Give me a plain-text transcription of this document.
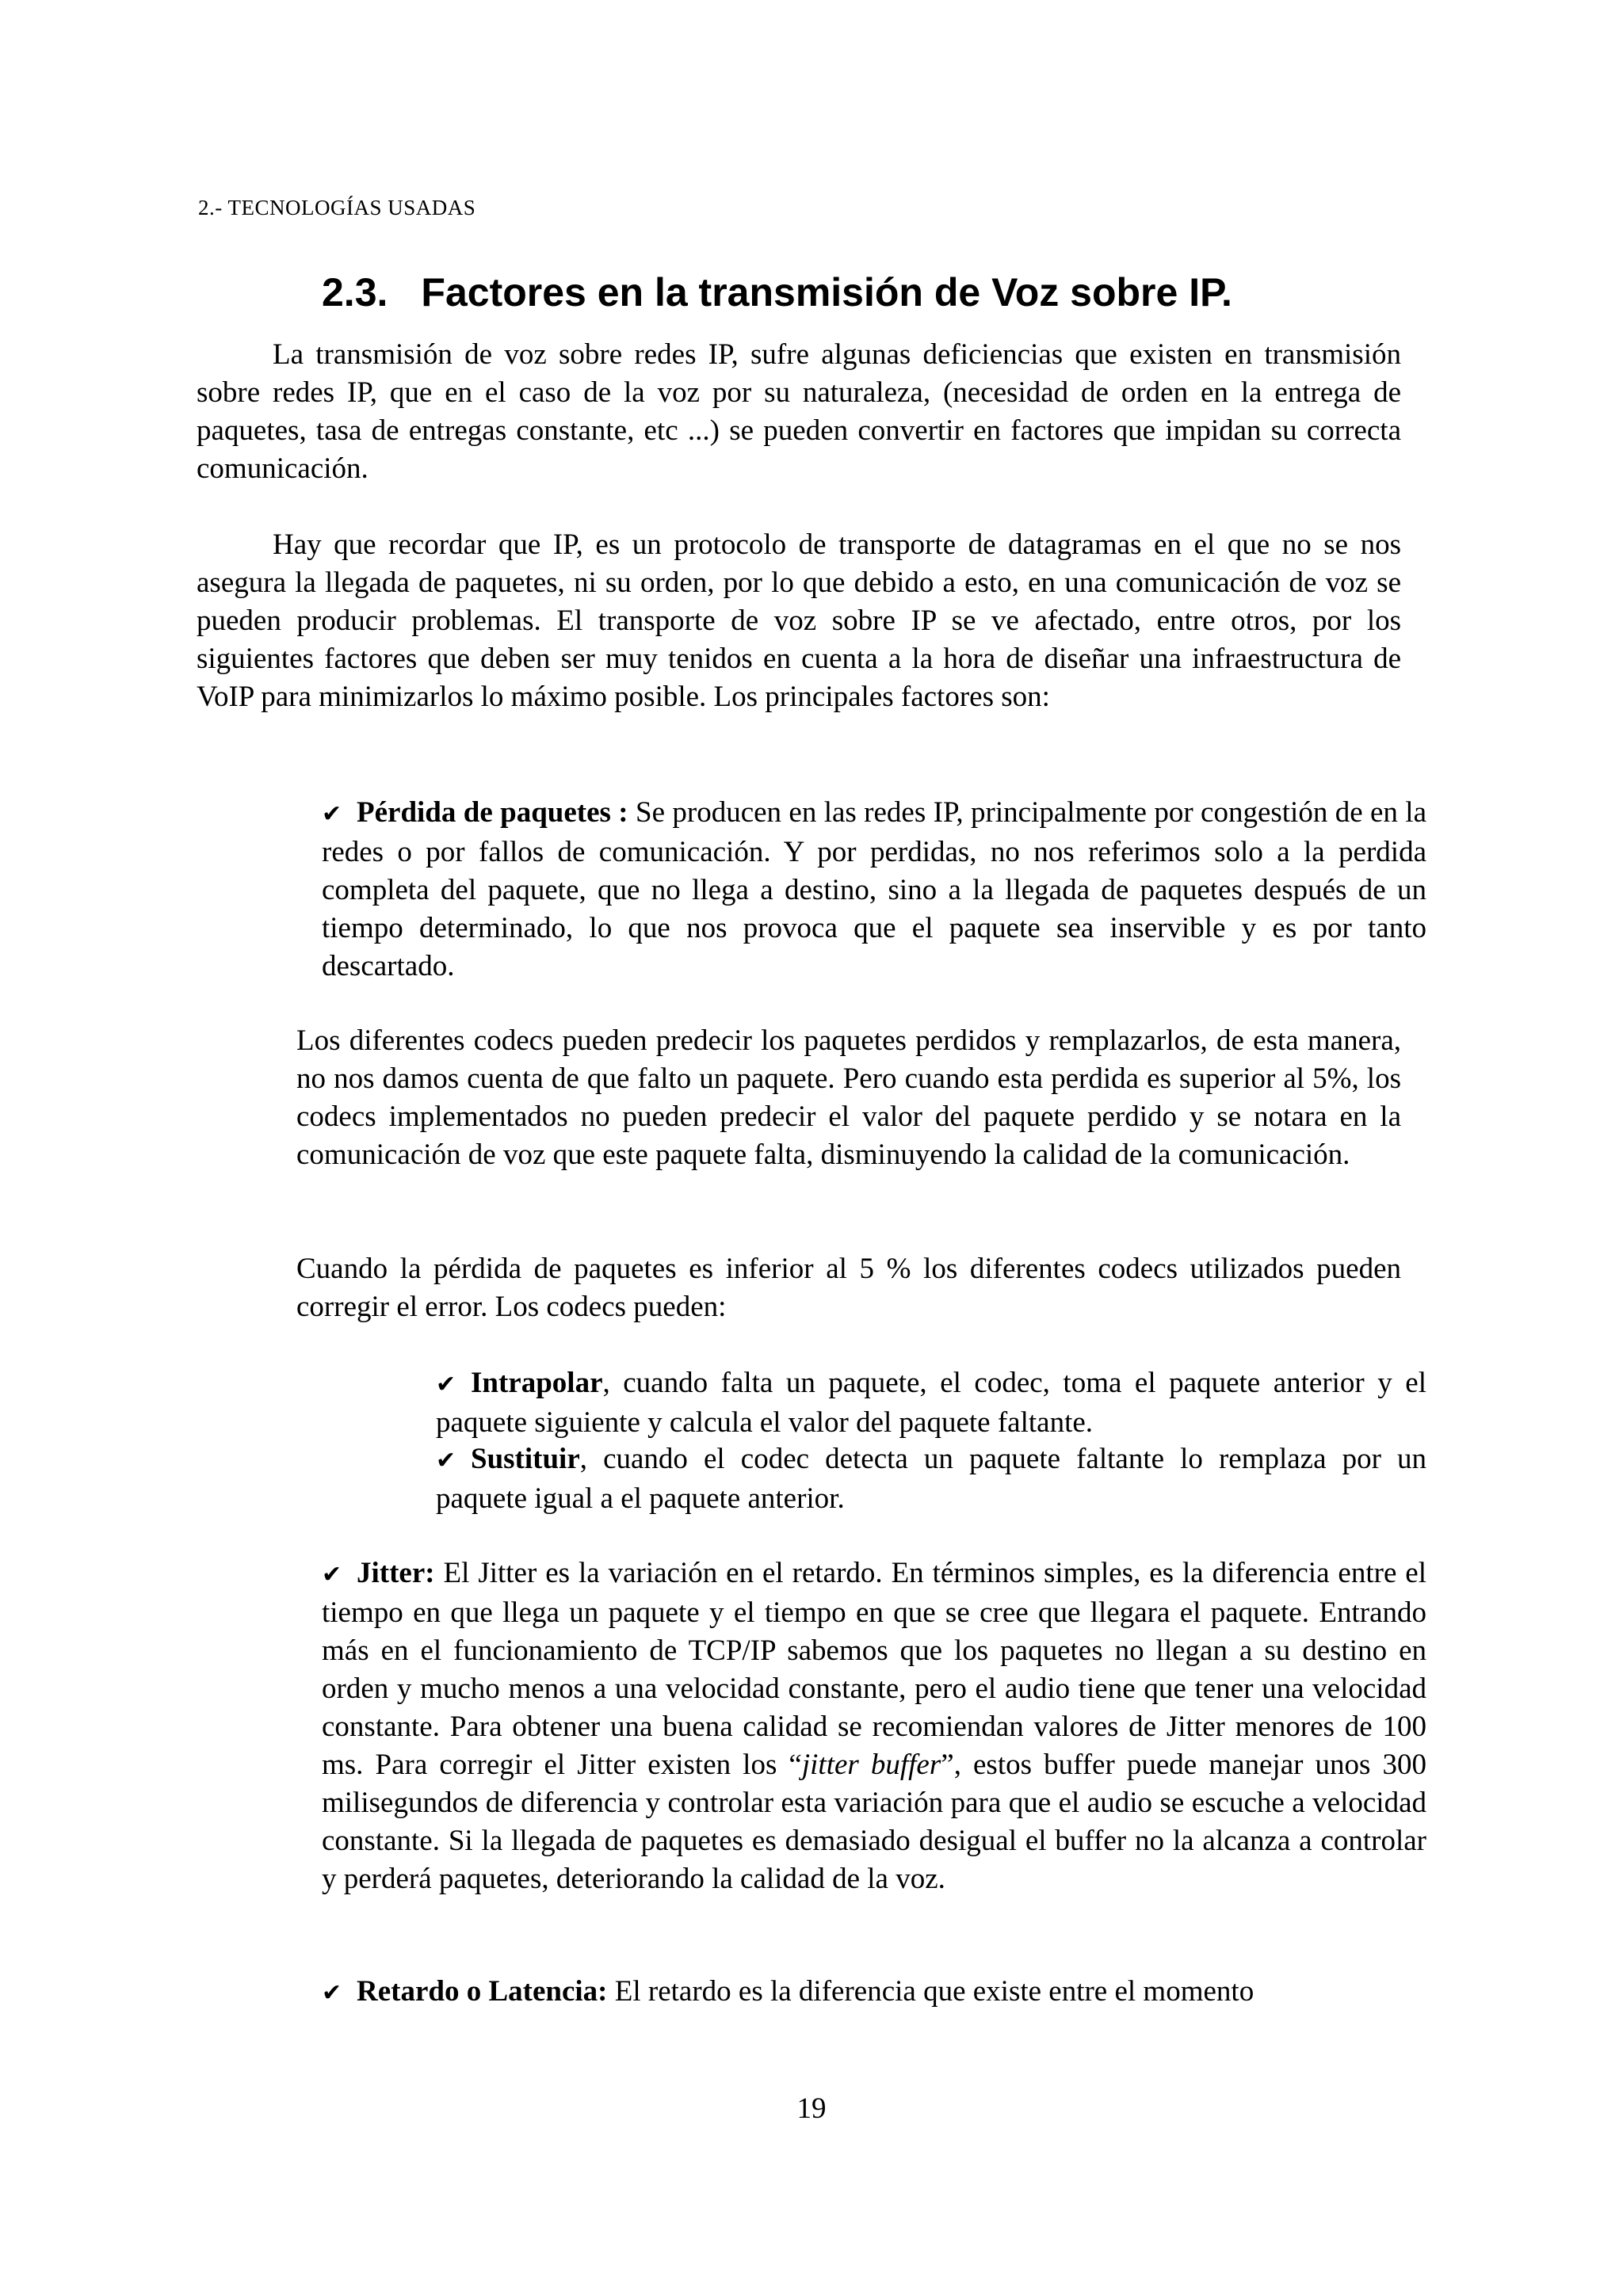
2.- TECNOLOGÍAS USADAS
2.3. Factores en la transmisión de Voz sobre IP.

La transmisión de voz sobre redes IP, sufre algunas deficiencias que existen en transmisión sobre redes IP, que en el caso de la voz por su naturaleza, (necesidad de orden en la entrega de paquetes, tasa de entregas constante, etc ...) se pueden convertir en factores que impidan su correcta comunicación.

Hay que recordar que IP, es un protocolo de transporte de datagramas en el que no se nos asegura la llegada de paquetes, ni su orden, por lo que debido a esto, en una comunicación de voz se pueden producir problemas. El transporte de voz sobre IP se ve afectado, entre otros, por los siguientes factores que deben ser muy tenidos en cuenta a la hora de diseñar una infraestructura de VoIP para minimizarlos lo máximo posible. Los principales factores son:

✔ Pérdida de paquetes : Se producen en las redes IP, principalmente por congestión de en la redes o por fallos de comunicación. Y por perdidas, no nos referimos solo a la perdida completa del paquete, que no llega a destino, sino a la llegada de paquetes después de un tiempo determinado, lo que nos provoca que el paquete sea inservible y es por tanto descartado.

Los diferentes codecs pueden predecir los paquetes perdidos y remplazarlos, de esta manera, no nos damos cuenta de que falto un paquete. Pero cuando esta perdida es superior al 5%, los codecs implementados no pueden predecir el valor del paquete perdido y se notara en la comunicación de voz que este paquete falta, disminuyendo la calidad de la comunicación.

Cuando la pérdida de paquetes es inferior al 5 % los diferentes codecs utilizados pueden corregir el error. Los codecs pueden:

✔ Intrapolar, cuando falta un paquete, el codec, toma el paquete anterior y el paquete siguiente y calcula el valor del paquete faltante.

✔ Sustituir, cuando el codec detecta un paquete faltante lo remplaza por un paquete igual a el paquete anterior.

✔ Jitter: El Jitter es la variación en el retardo. En términos simples, es la diferencia entre el tiempo en que llega un paquete y el tiempo en que se cree que llegara el paquete. Entrando más en el funcionamiento de TCP/IP sabemos que los paquetes no llegan a su destino en orden y mucho menos a una velocidad constante, pero el audio tiene que tener una velocidad constante. Para obtener una buena calidad se recomiendan valores de Jitter menores de 100 ms. Para corregir el Jitter existen los “jitter buffer”, estos buffer puede manejar unos 300 milisegundos de diferencia y controlar esta variación para que el audio se escuche a velocidad constante. Si la llegada de paquetes es demasiado desigual el buffer no la alcanza a controlar y perderá paquetes, deteriorando la calidad de la voz.

✔ Retardo o Latencia: El retardo es la diferencia que existe entre el momento

19
